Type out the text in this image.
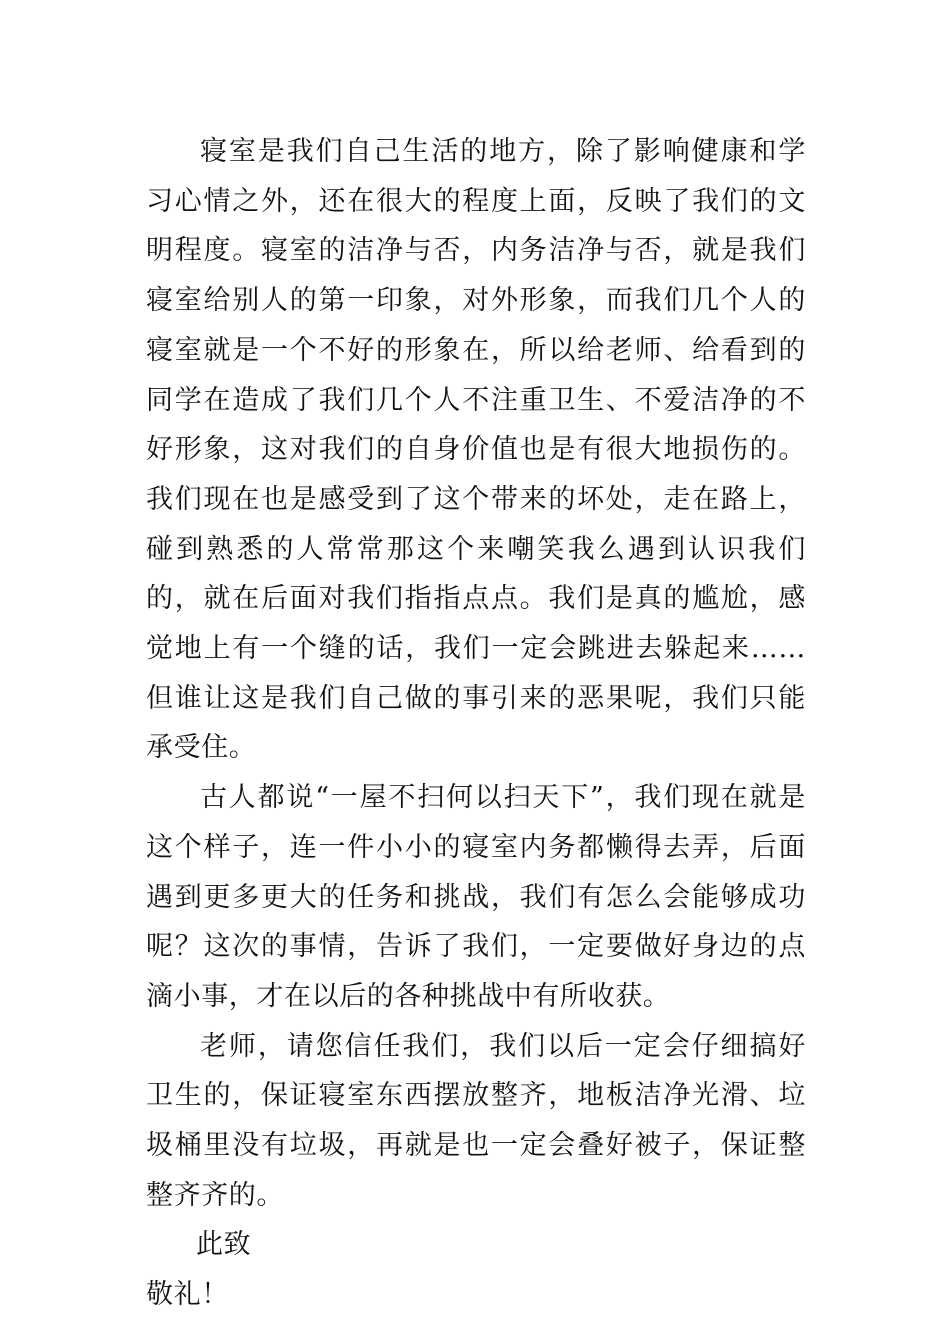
寝室是我们自己生活的地方，除了影响健康和学习心情之外，还在很大的程度上面，反映了我们的文明程度。寝室的洁净与否，内务洁净与否，就是我们寝室给别人的第一印象，对外形象，而我们几个人的寝室就是一个不好的形象在，所以给老师、给看到的同学在造成了我们几个人不注重卫生、不爱洁净的不好形象，这对我们的自身价值也是有很大地损伤的。我们现在也是感受到了这个带来的坏处，走在路上，碰到熟悉的人常常那这个来嘲笑我么遇到认识我们的，就在后面对我们指指点点。我们是真的尴尬，感觉地上有一个缝的话，我们一定会跳进去躲起来……但谁让这是我们自己做的事引来的恶果呢，我们只能承受住。

古人都说“一屋不扫何以扫天下”，我们现在就是这个样子，连一件小小的寝室内务都懒得去弄，后面遇到更多更大的任务和挑战，我们有怎么会能够成功呢？这次的事情，告诉了我们，一定要做好身边的点滴小事，才在以后的各种挑战中有所收获。

老师，请您信任我们，我们以后一定会仔细搞好卫生的，保证寝室东西摆放整齐，地板洁净光滑、垃圾桶里没有垃圾，再就是也一定会叠好被子，保证整整齐齐的。

此致

敬礼！
